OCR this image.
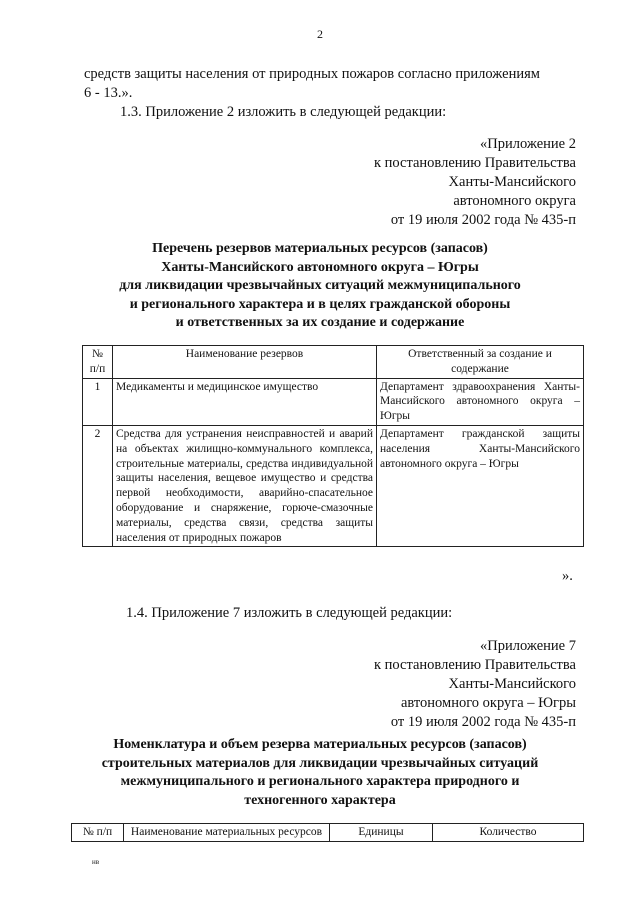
2
средств защиты населения от природных пожаров согласно приложениям
6 - 13.».
1.3. Приложение 2 изложить в следующей редакции:
«Приложение 2
к постановлению Правительства
Ханты-Мансийского
автономного округа
от 19 июля 2002 года № 435-п
Перечень резервов материальных ресурсов (запасов)
Ханты-Мансийского автономного округа – Югры
для ликвидации чрезвычайных ситуаций межмуниципального
и регионального характера и в целях гражданской обороны
и ответственных за их создание и содержание
№ п/п	Наименование резервов	Ответственный за создание и содержание
1	Медикаменты и медицинское имущество	Департамент здравоохранения Ханты-Мансийского автономного округа – Югры
2	Средства для устранения неисправностей и аварий на объектах жилищно-коммунального комплекса, строительные материалы, средства индивидуальной защиты населения, вещевое имущество и средства первой необходимости, аварийно-спасательное оборудование и снаряжение, горюче-смазочные материалы, средства связи, средства защиты населения от природных пожаров	Департамент гражданской защиты населения Ханты-Мансийского автономного округа – Югры
».
1.4. Приложение 7 изложить в следующей редакции:
«Приложение 7
к постановлению Правительства
Ханты-Мансийского
автономного округа – Югры
от 19 июля 2002 года № 435-п
Номенклатура и объем резерва материальных ресурсов (запасов)
строительных материалов для ликвидации чрезвычайных ситуаций
межмуниципального и регионального характера природного и
техногенного характера
№ п/п	Наименование материальных ресурсов	Единицы	Количество
нв
